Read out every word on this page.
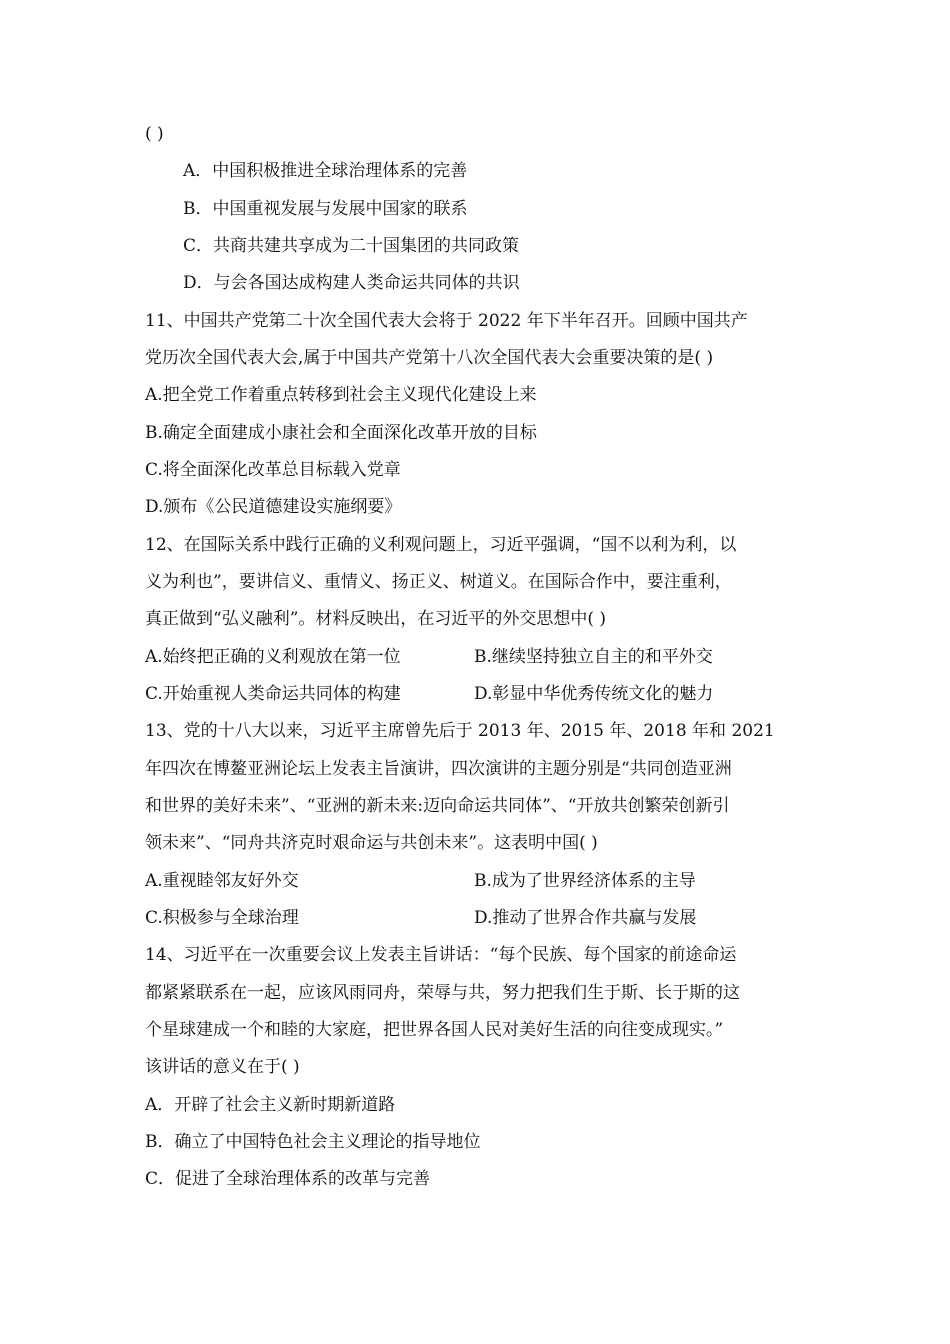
( )
A．中国积极推进全球治理体系的完善
B．中国重视发展与发展中国家的联系
C．共商共建共享成为二十国集团的共同政策
D．与会各国达成构建人类命运共同体的共识
11、中国共产党第二十次全国代表大会将于 2022 年下半年召开。回顾中国共产
党历次全国代表大会,属于中国共产党第十八次全国代表大会重要决策的是( )
A.把全党工作着重点转移到社会主义现代化建设上来
B.确定全面建成小康社会和全面深化改革开放的目标
C.将全面深化改革总目标载入党章
D.颁布《公民道德建设实施纲要》
12、在国际关系中践行正确的义利观问题上，习近平强调，“国不以利为利，以
义为利也”，要讲信义、重情义、扬正义、树道义。在国际合作中，要注重利，
真正做到“弘义融利”。材料反映出，在习近平的外交思想中( )
A.始终把正确的义利观放在第一位	B.继续坚持独立自主的和平外交
C.开始重视人类命运共同体的构建	D.彰显中华优秀传统文化的魅力
13、党的十八大以来，习近平主席曾先后于 2013 年、2015 年、2018 年和 2021
年四次在博鳌亚洲论坛上发表主旨演讲，四次演讲的主题分别是“共同创造亚洲
和世界的美好未来”、“亚洲的新未来:迈向命运共同体”、“开放共创繁荣创新引
领未来”、“同舟共济克时艰命运与共创未来”。这表明中国( )
A.重视睦邻友好外交	B.成为了世界经济体系的主导
C.积极参与全球治理	D.推动了世界合作共赢与发展
14、习近平在一次重要会议上发表主旨讲话：“每个民族、每个国家的前途命运
都紧紧联系在一起，应该风雨同舟，荣辱与共，努力把我们生于斯、长于斯的这
个星球建成一个和睦的大家庭，把世界各国人民对美好生活的向往变成现实。”
该讲话的意义在于( )
A．开辟了社会主义新时期新道路
B．确立了中国特色社会主义理论的指导地位
C．促进了全球治理体系的改革与完善
